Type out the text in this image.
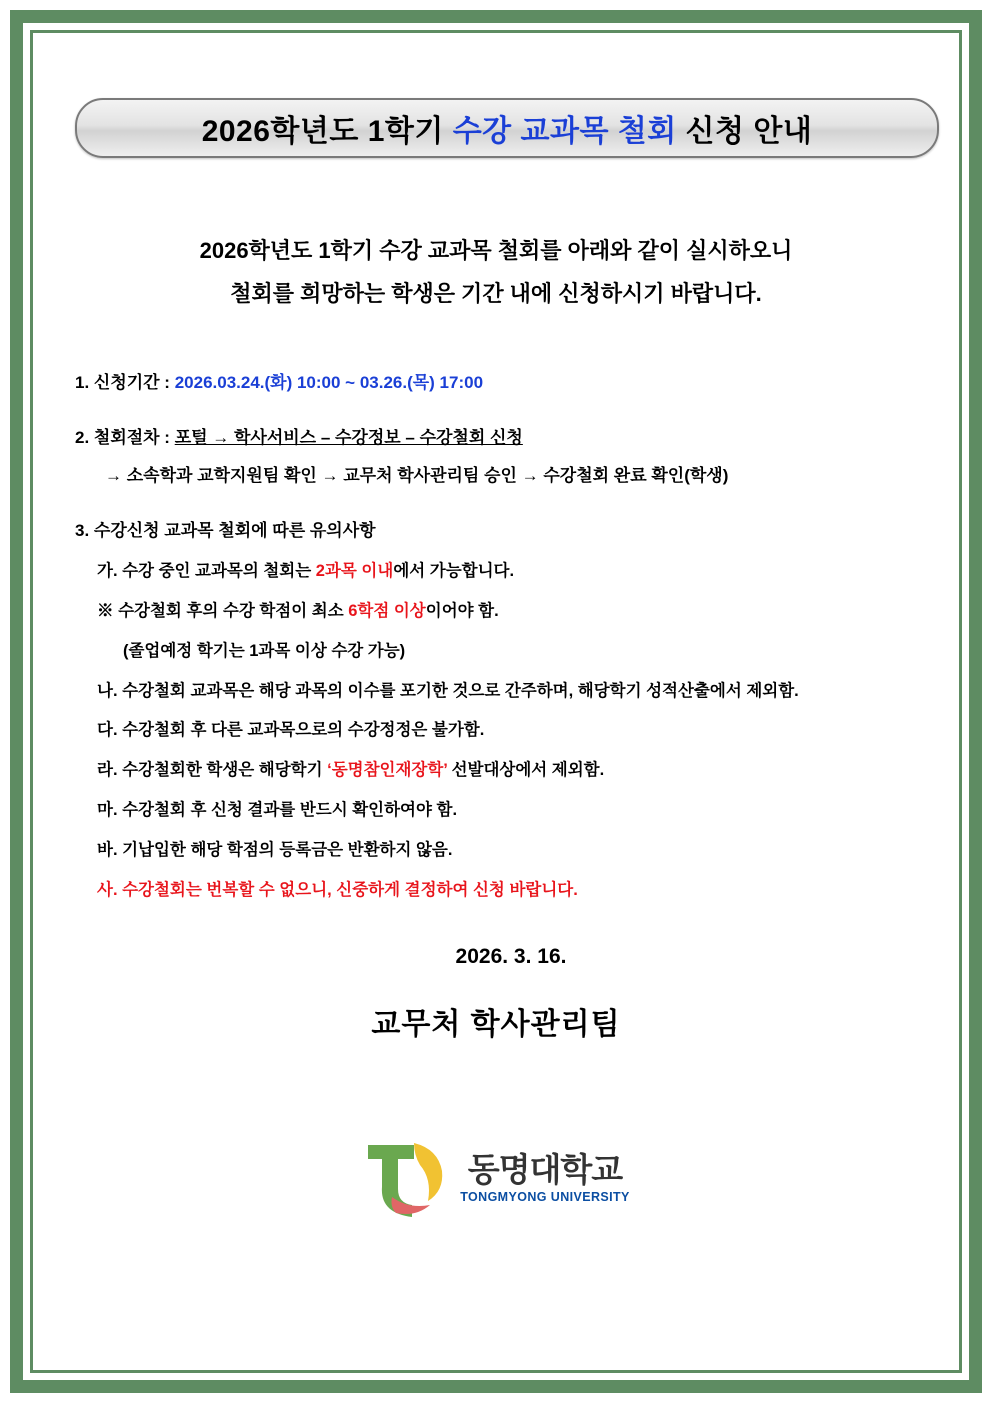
2026학년도 1학기 수강 교과목 철회 신청 안내
2026학년도 1학기 수강 교과목 철회를 아래와 같이 실시하오니
철회를 희망하는 학생은 기간 내에 신청하시기 바랍니다.
1. 신청기간 : 2026.03.24.(화) 10:00 ~ 03.26.(목) 17:00
2. 철회절차 : 포털 → 학사서비스 – 수강정보 – 수강철회 신청
→ 소속학과 교학지원팀 확인 → 교무처 학사관리팀 승인 → 수강철회 완료 확인(학생)
3. 수강신청 교과목 철회에 따른 유의사항
가. 수강 중인 교과목의 철회는 2과목 이내에서 가능합니다.
※ 수강철회 후의 수강 학점이 최소 6학점 이상이어야 함.
(졸업예정 학기는 1과목 이상 수강 가능)
나. 수강철회 교과목은 해당 과목의 이수를 포기한 것으로 간주하며, 해당학기 성적산출에서 제외함.
다. 수강철회 후 다른 교과목으로의 수강정정은 불가함.
라. 수강철회한 학생은 해당학기 ‘동명참인재장학’ 선발대상에서 제외함.
마. 수강철회 후 신청 결과를 반드시 확인하여야 함.
바. 기납입한 해당 학점의 등록금은 반환하지 않음.
사. 수강철회는 번복할 수 없으니, 신중하게 결정하여 신청 바랍니다.
2026. 3. 16.
교무처 학사관리팀
동명대학교
TONGMYONG UNIVERSITY
